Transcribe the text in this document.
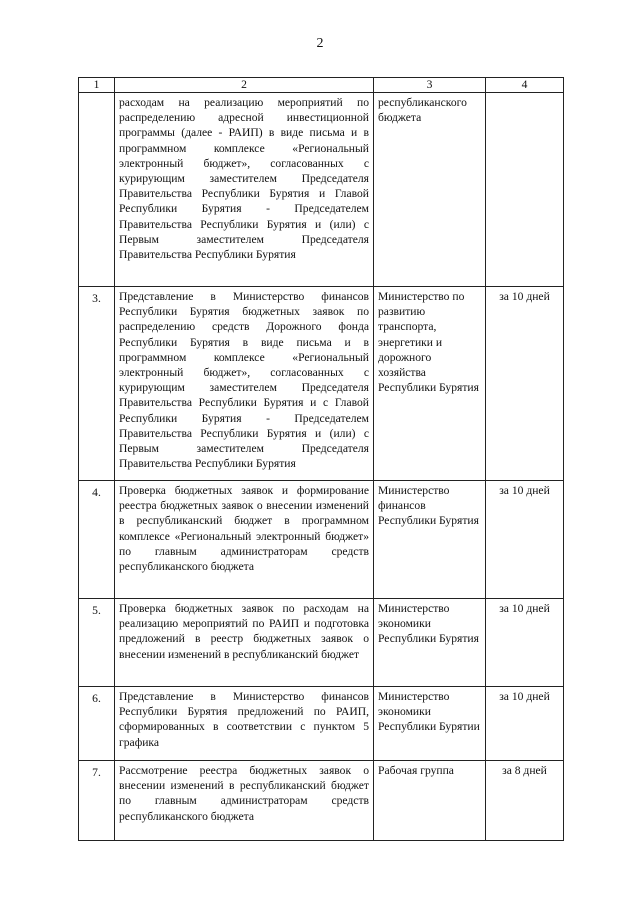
2
1	2	3	4
	расходам на реализацию мероприятий по распределению адресной инвестиционной программы (далее - РАИП) в виде письма и в программном комплексе «Региональный электронный бюджет», согласованных с курирующим заместителем Председателя Правительства Республики Бурятия и Главой Республики Бурятия - Председателем Правительства Республики Бурятия и (или) с Первым заместителем Председателя Правительства Республики Бурятия	республиканского бюджета	
3.	Представление в Министерство финансов Республики Бурятия бюджетных заявок по распределению средств Дорожного фонда Республики Бурятия в виде письма и в программном комплексе «Региональный электронный бюджет», согласованных с курирующим заместителем Председателя Правительства Республики Бурятия и с Главой Республики Бурятия - Председателем Правительства Республики Бурятия и (или) с Первым заместителем Председателя Правительства Республики Бурятия	Министерство по развитию транспорта, энергетики и дорожного хозяйства Республики Бурятия	за 10 дней
4.	Проверка бюджетных заявок и формирование реестра бюджетных заявок о внесении изменений в республиканский бюджет в программном комплексе «Региональный электронный бюджет» по главным администраторам средств республиканского бюджета	Министерство финансов Республики Бурятия	за 10 дней
5.	Проверка бюджетных заявок по расходам на реализацию мероприятий по РАИП и подготовка предложений в реестр бюджетных заявок о внесении изменений в республиканский бюджет	Министерство экономики Республики Бурятия	за 10 дней
6.	Представление в Министерство финансов Республики Бурятия предложений по РАИП, сформированных в соответствии с пунктом 5 графика	Министерство экономики Республики Бурятии	за 10 дней
7.	Рассмотрение реестра бюджетных заявок о внесении изменений в республиканский бюджет по главным администраторам средств республиканского бюджета	Рабочая группа	за 8 дней
